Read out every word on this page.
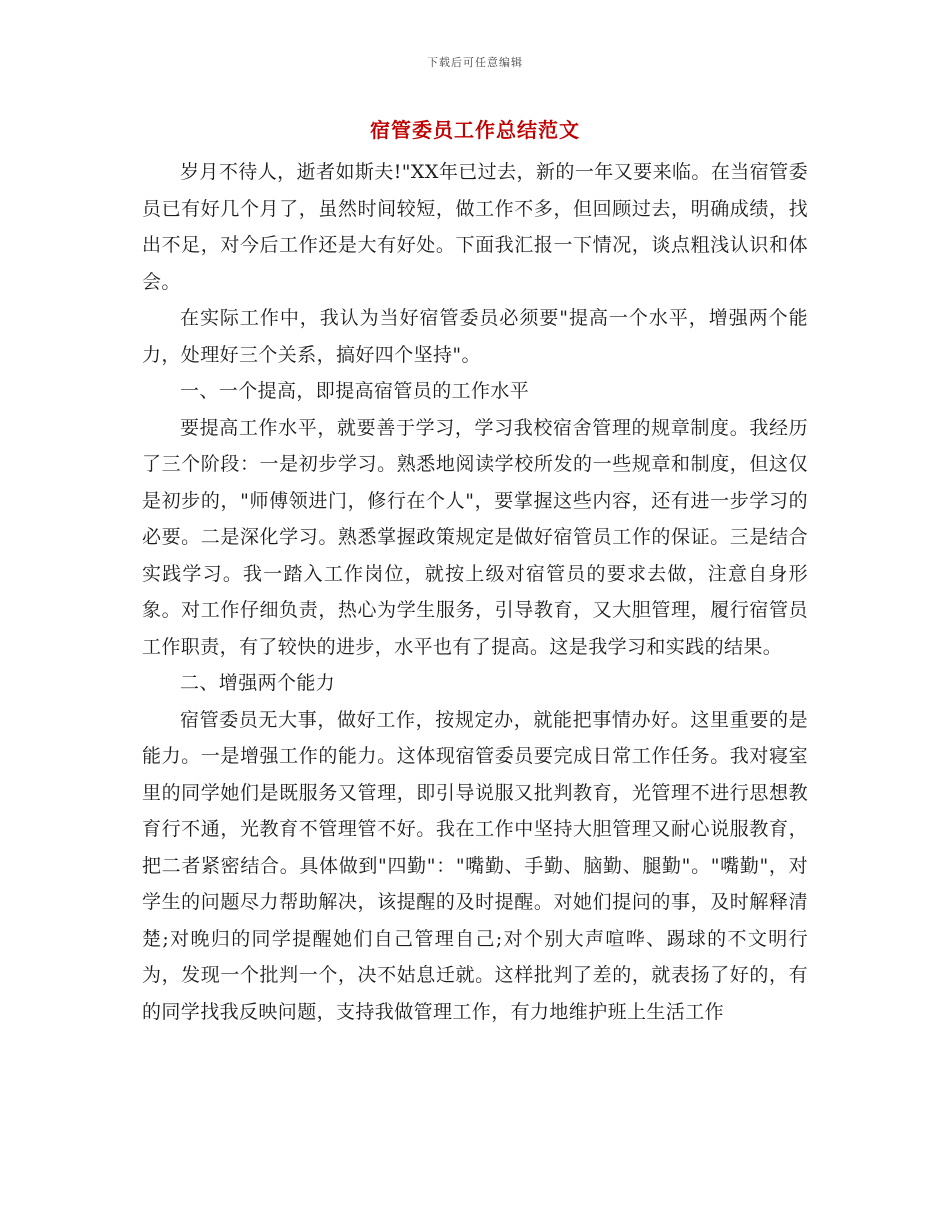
下载后可任意编辑
宿管委员工作总结范文

岁月不待人，逝者如斯夫!"XX年已过去，新的一年又要来临。在当宿管委员已有好几个月了，虽然时间较短，做工作不多，但回顾过去，明确成绩，找出不足，对今后工作还是大有好处。下面我汇报一下情况，谈点粗浅认识和体会。

在实际工作中，我认为当好宿管委员必须要"提高一个水平，增强两个能力，处理好三个关系，搞好四个坚持"。

一、一个提高，即提高宿管员的工作水平

要提高工作水平，就要善于学习，学习我校宿舍管理的规章制度。我经历了三个阶段：一是初步学习。熟悉地阅读学校所发的一些规章和制度，但这仅是初步的，"师傅领进门，修行在个人"，要掌握这些内容，还有进一步学习的必要。二是深化学习。熟悉掌握政策规定是做好宿管员工作的保证。三是结合实践学习。我一踏入工作岗位，就按上级对宿管员的要求去做，注意自身形象。对工作仔细负责，热心为学生服务，引导教育，又大胆管理，履行宿管员工作职责，有了较快的进步，水平也有了提高。这是我学习和实践的结果。

二、增强两个能力

宿管委员无大事，做好工作，按规定办，就能把事情办好。这里重要的是能力。一是增强工作的能力。这体现宿管委员要完成日常工作任务。我对寝室里的同学她们是既服务又管理，即引导说服又批判教育，光管理不进行思想教育行不通，光教育不管理管不好。我在工作中坚持大胆管理又耐心说服教育，把二者紧密结合。具体做到"四勤"："嘴勤、手勤、脑勤、腿勤"。"嘴勤"，对学生的问题尽力帮助解决，该提醒的及时提醒。对她们提问的事，及时解释清楚;对晚归的同学提醒她们自己管理自己;对个别大声喧哗、踢球的不文明行为，发现一个批判一个，决不姑息迁就。这样批判了差的，就表扬了好的，有的同学找我反映问题，支持我做管理工作，有力地维护班上生活工作
